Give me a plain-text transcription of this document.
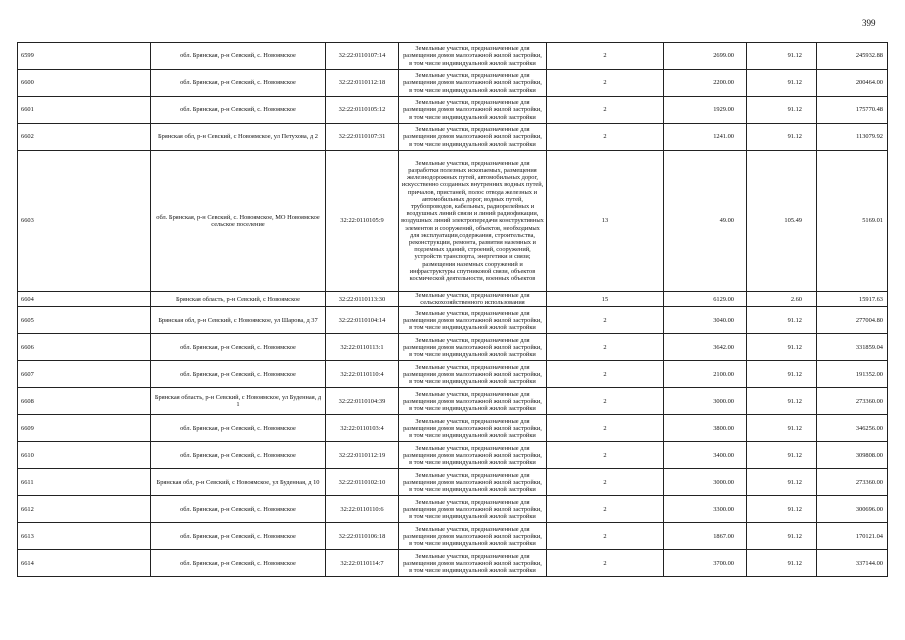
399
6599	обл. Брянская, р-н Севский, с. Новоямское	32:22:0110107:14	Земельные участки, предназначенные для размещения домов малоэтажной жилой застройки, в том числе индивидуальной жилой застройки	2	2699.00	91.12	245932.88
6600	обл. Брянская, р-н Севский, с. Новоямское	32:22:0110112:18	Земельные участки, предназначенные для размещения домов малоэтажной жилой застройки, в том числе индивидуальной жилой застройки	2	2200.00	91.12	200464.00
6601	обл. Брянская, р-н Севский, с. Новоямское	32:22:0110105:12	Земельные участки, предназначенные для размещения домов малоэтажной жилой застройки, в том числе индивидуальной жилой застройки	2	1929.00	91.12	175770.48
6602	Брянская обл, р-н Севский, с Новоямское, ул Петухова, д 2	32:22:0110107:31	Земельные участки, предназначенные для размещения домов малоэтажной жилой застройки, в том числе индивидуальной жилой застройки	2	1241.00	91.12	113079.92
6603	обл. Брянская, р-н Севский, с. Новоямское, МО Новоямское сельское поселение	32:22:0110105:9	Земельные участки, предназначенные для разработки полезных ископаемых, размещения железнодорожных путей, автомобильных дорог, искусственно созданных внутренних водных путей, причалов, пристаней, полос отвода железных и автомобильных дорог, водных путей, трубопроводов, кабельных, радиорелейных и воздушных линий связи и линий радиофикации, воздушных линий электропередачи конструктивных элементов и сооружений, объектов, необходимых для эксплуатации,содержания, строительства, реконструкции, ремонта, развития наземных и подземных зданий, строений, сооружений, устройств транспорта, энергетики и связи; размещения наземных сооружений и инфраструктуры спутниковой связи, объектов космической деятельности, военных объектов	13	49.00	105.49	5169.01
6604	Брянская область, р-н Севский, с Новоямское	32:22:0110113:30	Земельные участки, предназначенные для сельскохозяйственного использования	15	6129.00	2.60	15917.63
6605	Брянская обл, р-н Севский, с Новоямское, ул Шарова, д 37	32:22:0110104:14	Земельные участки, предназначенные для размещения домов малоэтажной жилой застройки, в том числе индивидуальной жилой застройки	2	3040.00	91.12	277004.80
6606	обл. Брянская, р-н Севский, с. Новоямское	32:22:0110113:1	Земельные участки, предназначенные для размещения домов малоэтажной жилой застройки, в том числе индивидуальной жилой застройки	2	3642.00	91.12	331859.04
6607	обл. Брянская, р-н Севский, с. Новоямское	32:22:0110110:4	Земельные участки, предназначенные для размещения домов малоэтажной жилой застройки, в том числе индивидуальной жилой застройки	2	2100.00	91.12	191352.00
6608	Брянская область, р-н Севский, с Новоямское, ул Буденная, д 1	32:22:0110104:39	Земельные участки, предназначенные для размещения домов малоэтажной жилой застройки, в том числе индивидуальной жилой застройки	2	3000.00	91.12	273360.00
6609	обл. Брянская, р-н Севский, с. Новоямское	32:22:0110103:4	Земельные участки, предназначенные для размещения домов малоэтажной жилой застройки, в том числе индивидуальной жилой застройки	2	3800.00	91.12	346256.00
6610	обл. Брянская, р-н Севский, с. Новоямское	32:22:0110112:19	Земельные участки, предназначенные для размещения домов малоэтажной жилой застройки, в том числе индивидуальной жилой застройки	2	3400.00	91.12	309808.00
6611	Брянская обл, р-н Севский, с Новоямское, ул Буденная, д 10	32:22:0110102:10	Земельные участки, предназначенные для размещения домов малоэтажной жилой застройки, в том числе индивидуальной жилой застройки	2	3000.00	91.12	273360.00
6612	обл. Брянская, р-н Севский, с. Новоямское	32:22:0110110:6	Земельные участки, предназначенные для размещения домов малоэтажной жилой застройки, в том числе индивидуальной жилой застройки	2	3300.00	91.12	300696.00
6613	обл. Брянская, р-н Севский, с. Новоямское	32:22:0110106:18	Земельные участки, предназначенные для размещения домов малоэтажной жилой застройки, в том числе индивидуальной жилой застройки	2	1867.00	91.12	170121.04
6614	обл. Брянская, р-н Севский, с. Новоямское	32:22:0110114:7	Земельные участки, предназначенные для размещения домов малоэтажной жилой застройки, в том числе индивидуальной жилой застройки	2	3700.00	91.12	337144.00
